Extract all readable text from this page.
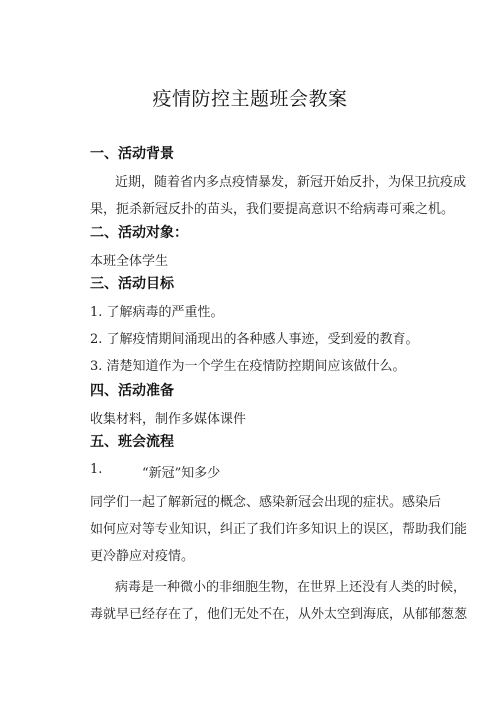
疫情防控主题班会教案
一、活动背景
近期，随着省内多点疫情暴发，新冠开始反扑，为保卫抗疫成
果，扼杀新冠反扑的苗头，我们要提高意识不给病毒可乘之机。
二、活动对象：
本班全体学生
三、活动目标
1. 了解病毒的严重性。
2. 了解疫情期间涌现出的各种感人事迹，受到爱的教育。
3. 清楚知道作为一个学生在疫情防控期间应该做什么。
四、活动准备
收集材料，制作多媒体课件
五、班会流程
1.	“新冠”知多少
同学们一起了解新冠的概念、感染新冠会出现的症状。感染后
如何应对等专业知识，纠正了我们许多知识上的误区，帮助我们能
更冷静应对疫情。
病毒是一种微小的非细胞生物，在世界上还没有人类的时候，
毒就早已经存在了，他们无处不在，从外太空到海底，从郁郁葱葱
